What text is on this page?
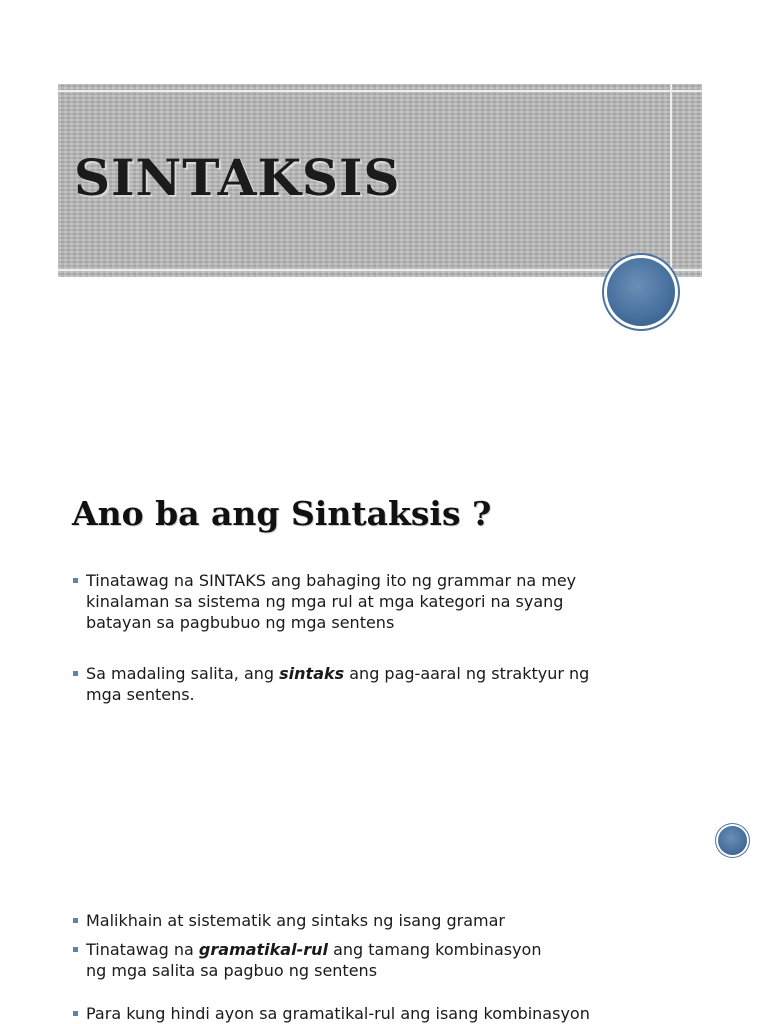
SINTAKSIS
Ano ba ang Sintaksis ?
Tinatawag na SINTAKS ang bahaging ito ng grammar na mey
kinalaman sa sistema ng mga rul at mga kategori na syang
batayan sa pagbubuo ng mga sentens
Sa madaling salita, ang sintaks ang pag-aaral ng straktyur ng
mga sentens.
Malikhain at sistematik ang sintaks ng isang gramar
Tinatawag na gramatikal-rul ang tamang kombinasyon
ng mga salita sa pagbuo ng sentens
Para kung hindi ayon sa gramatikal-rul ang isang kombinasyon
